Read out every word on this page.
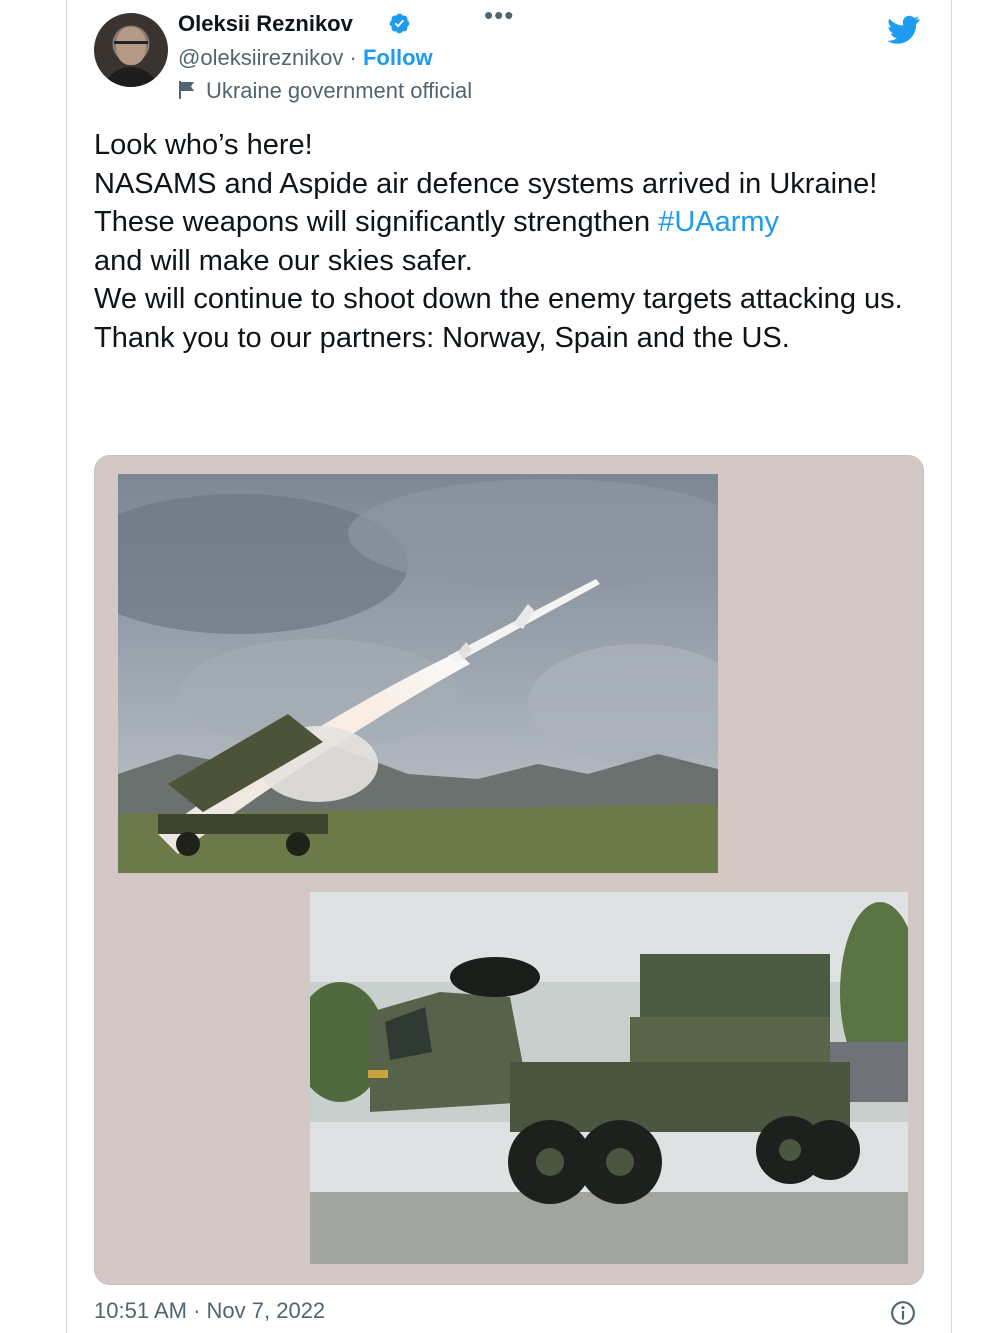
Oleksii Reznikov	•••
@oleksiireznikov · Follow
Ukraine government official

Look who’s here!

NASAMS and Aspide air defence systems arrived in Ukraine!

These weapons will significantly strengthen #UAarmy

and will make our skies safer.

We will continue to shoot down the enemy targets attacking us.

Thank you to our partners: Norway, Spain and the US.

10:51 AM · Nov 7, 2022
